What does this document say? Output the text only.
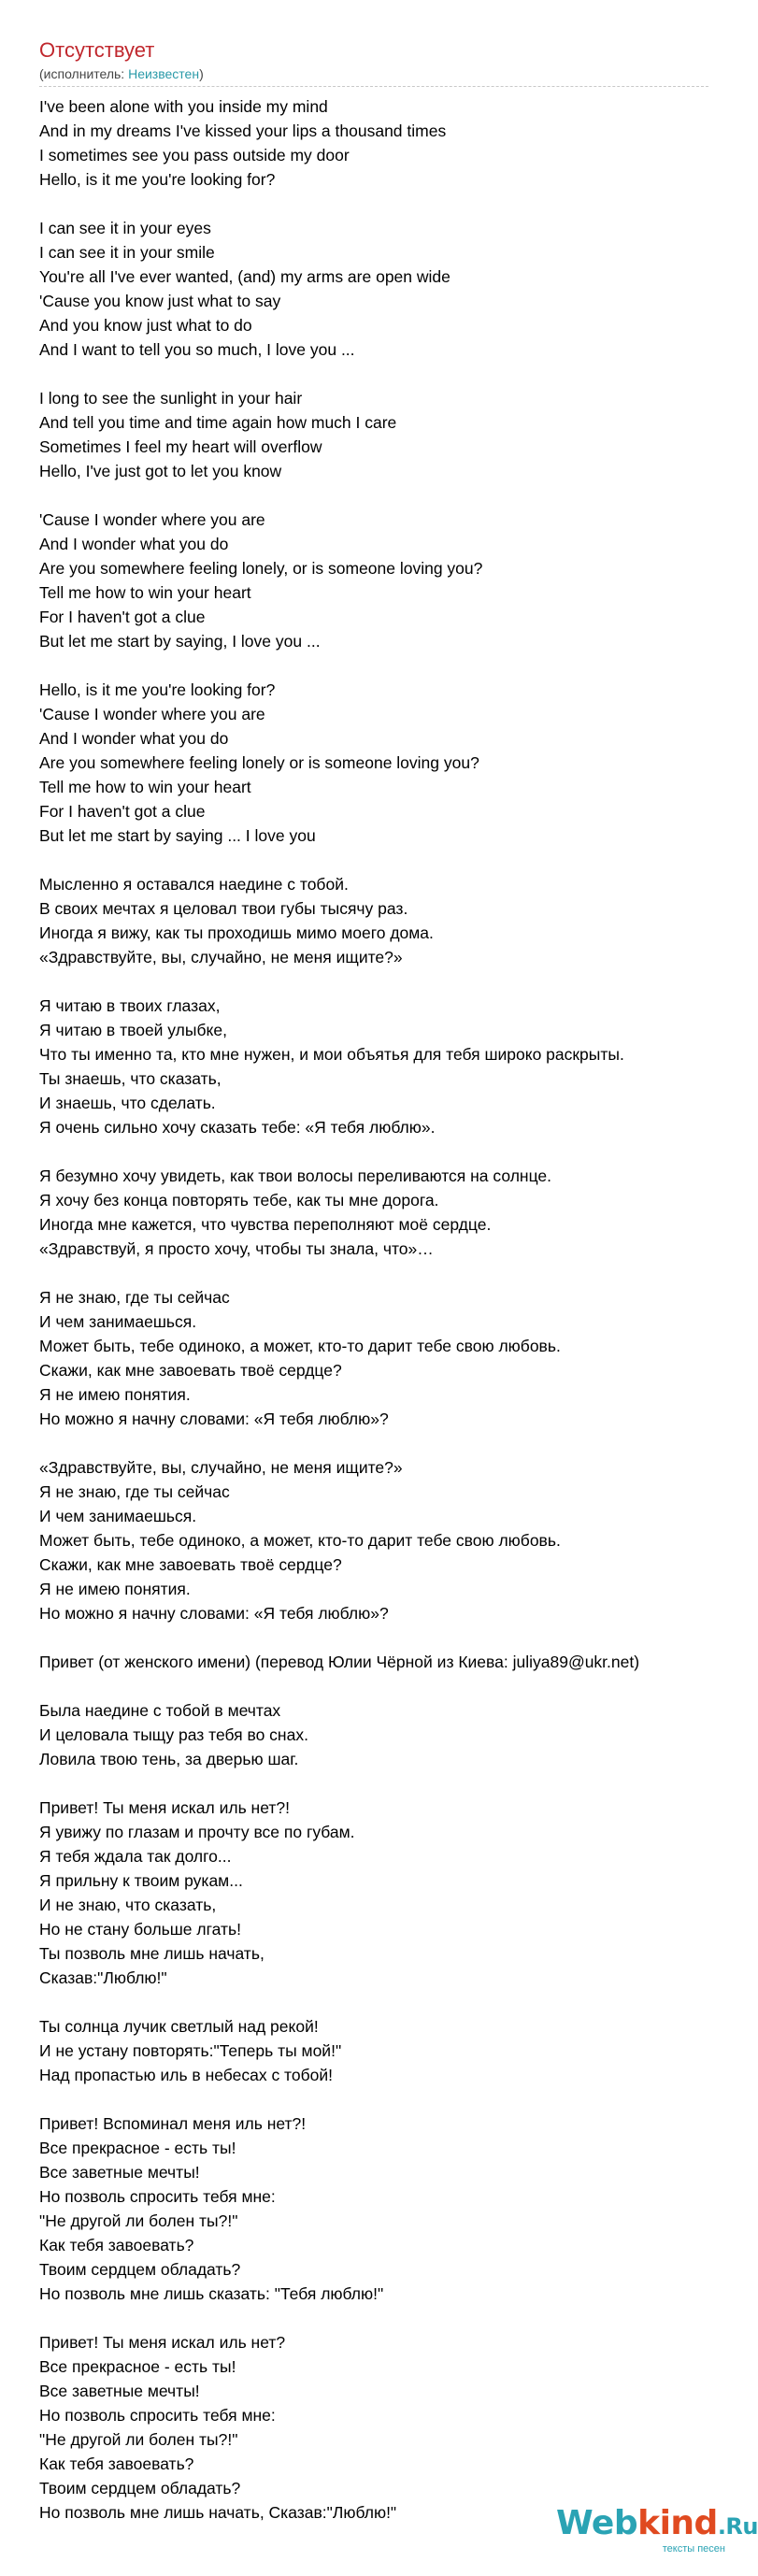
Отсутствует
(исполнитель: Неизвестен)
I've been alone with you inside my mind
And in my dreams I've kissed your lips a thousand times
I sometimes see you pass outside my door
Hello, is it me you're looking for?
I can see it in your eyes
I can see it in your smile
You're all I've ever wanted, (and) my arms are open wide
'Cause you know just what to say
And you know just what to do
And I want to tell you so much, I love you ...
I long to see the sunlight in your hair
And tell you time and time again how much I care
Sometimes I feel my heart will overflow
Hello, I've just got to let you know
'Cause I wonder where you are
And I wonder what you do
Are you somewhere feeling lonely, or is someone loving you?
Tell me how to win your heart
For I haven't got a clue
But let me start by saying, I love you ...
Hello, is it me you're looking for?
'Cause I wonder where you are
And I wonder what you do
Are you somewhere feeling lonely or is someone loving you?
Tell me how to win your heart
For I haven't got a clue
But let me start by saying ... I love you
Мысленно я оставался наедине с тобой.
В своих мечтах я целовал твои губы тысячу раз.
Иногда я вижу, как ты проходишь мимо моего дома.
«Здравствуйте, вы, случайно, не меня ищите?»
Я читаю в твоих глазах,
Я читаю в твоей улыбке,
Что ты именно та, кто мне нужен, и мои объятья для тебя широко раскрыты.
Ты знаешь, что сказать,
И знаешь, что сделать.
Я очень сильно хочу сказать тебе: «Я тебя люблю».
Я безумно хочу увидеть, как твои волосы переливаются на солнце.
Я хочу без конца повторять тебе, как ты мне дорога.
Иногда мне кажется, что чувства переполняют моё сердце.
«Здравствуй, я просто хочу, чтобы ты знала, что»…
Я не знаю, где ты сейчас
И чем занимаешься.
Может быть, тебе одиноко, а может, кто-то дарит тебе свою любовь.
Скажи, как мне завоевать твоё сердце?
Я не имею понятия.
Но можно я начну словами: «Я тебя люблю»?
«Здравствуйте, вы, случайно, не меня ищите?»
Я не знаю, где ты сейчас
И чем занимаешься.
Может быть, тебе одиноко, а может, кто-то дарит тебе свою любовь.
Скажи, как мне завоевать твоё сердце?
Я не имею понятия.
Но можно я начну словами: «Я тебя люблю»?
Привет (от женского имени) (перевод Юлии Чёрной из Киева: juliya89@ukr.net)
Была наедине с тобой в мечтах
И целовала тыщу раз тебя во снах.
Ловила твою тень, за дверью шаг.
Привет! Ты меня искал иль нет?!
Я увижу по глазам и прочту все по губам.
Я тебя ждала так долго...
Я прильну к твоим рукам...
И не знаю, что сказать,
Но не стану больше лгать!
Ты позволь мне лишь начать,
Сказав:"Люблю!"
Ты солнца лучик светлый над рекой!
И не устану повторять:"Теперь ты мой!"
Над пропастью иль в небесах с тобой!
Привет! Вспоминал меня иль нет?!
Все прекрасное - есть ты!
Все заветные мечты!
Но позволь спросить тебя мне:
"Не другой ли болен ты?!"
Как тебя завоевать?
Твоим сердцем обладать?
Но позволь мне лишь сказать: "Тебя люблю!"
Привет! Ты меня искал иль нет?
Все прекрасное - есть ты!
Все заветные мечты!
Но позволь спросить тебя мне:
"Не другой ли болен ты?!"
Как тебя завоевать?
Твоим сердцем обладать?
Но позволь мне лишь начать, Сказав:"Люблю!"	Webkind.Ru
тексты песен
